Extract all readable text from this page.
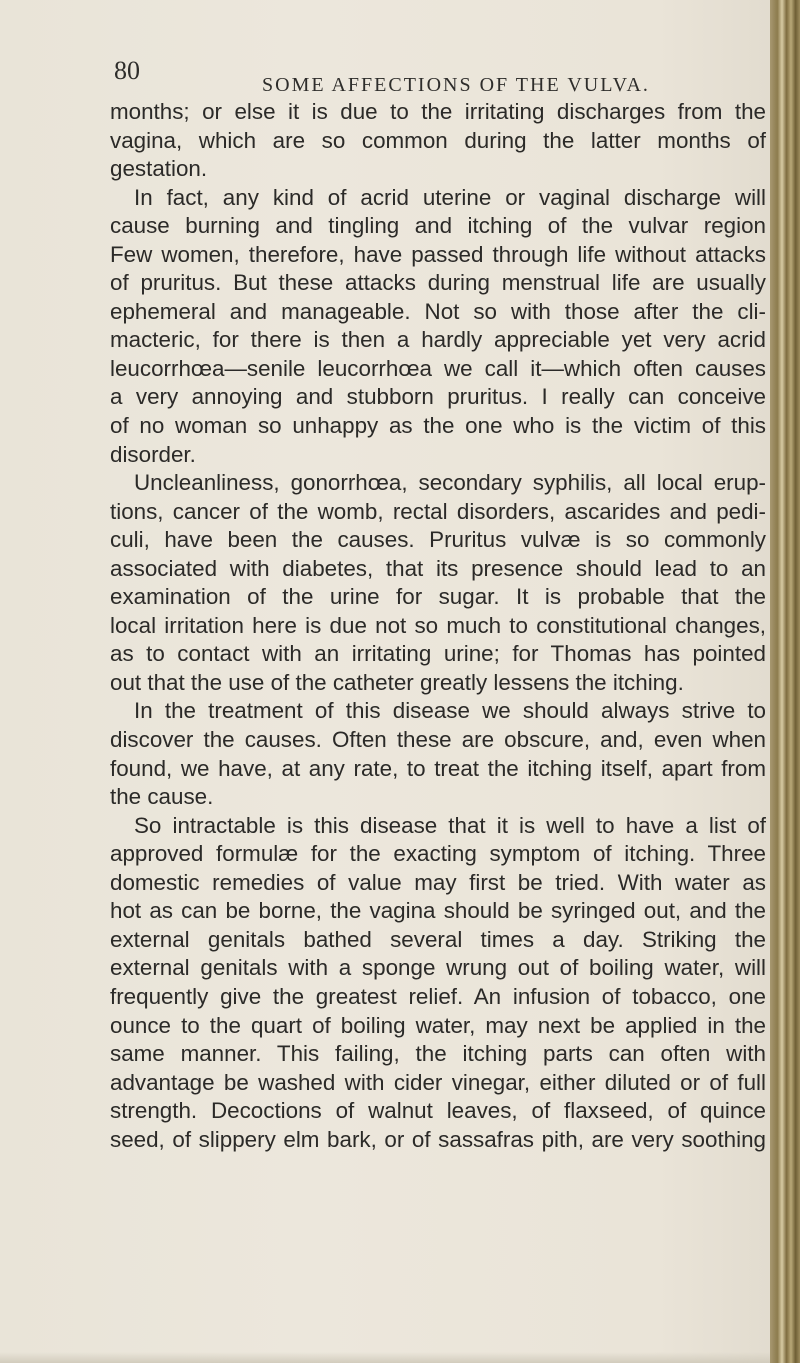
80	SOME AFFECTIONS OF THE VULVA.
months; or else it is due to the irritating discharges from the
vagina, which are so common during the latter months of
gestation.
In fact, any kind of acrid uterine or vaginal discharge will
cause burning and tingling and itching of the vulvar region
Few women, therefore, have passed through life without attacks
of pruritus. But these attacks during menstrual life are usually
ephemeral and manageable. Not so with those after the cli-
macteric, for there is then a hardly appreciable yet very acrid
leucorrhœa—senile leucorrhœa we call it—which often causes
a very annoying and stubborn pruritus. I really can conceive
of no woman so unhappy as the one who is the victim of this
disorder.
Uncleanliness, gonorrhœa, secondary syphilis, all local erup-
tions, cancer of the womb, rectal disorders, ascarides and pedi-
culi, have been the causes. Pruritus vulvæ is so commonly
associated with diabetes, that its presence should lead to an
examination of the urine for sugar. It is probable that the
local irritation here is due not so much to constitutional changes,
as to contact with an irritating urine; for Thomas has pointed
out that the use of the catheter greatly lessens the itching.
In the treatment of this disease we should always strive to
discover the causes. Often these are obscure, and, even when
found, we have, at any rate, to treat the itching itself, apart from
the cause.
So intractable is this disease that it is well to have a list of
approved formulæ for the exacting symptom of itching. Three
domestic remedies of value may first be tried. With water as
hot as can be borne, the vagina should be syringed out, and the
external genitals bathed several times a day. Striking the
external genitals with a sponge wrung out of boiling water, will
frequently give the greatest relief. An infusion of tobacco, one
ounce to the quart of boiling water, may next be applied in the
same manner. This failing, the itching parts can often with
advantage be washed with cider vinegar, either diluted or of full
strength. Decoctions of walnut leaves, of flaxseed, of quince
seed, of slippery elm bark, or of sassafras pith, are very soothing
